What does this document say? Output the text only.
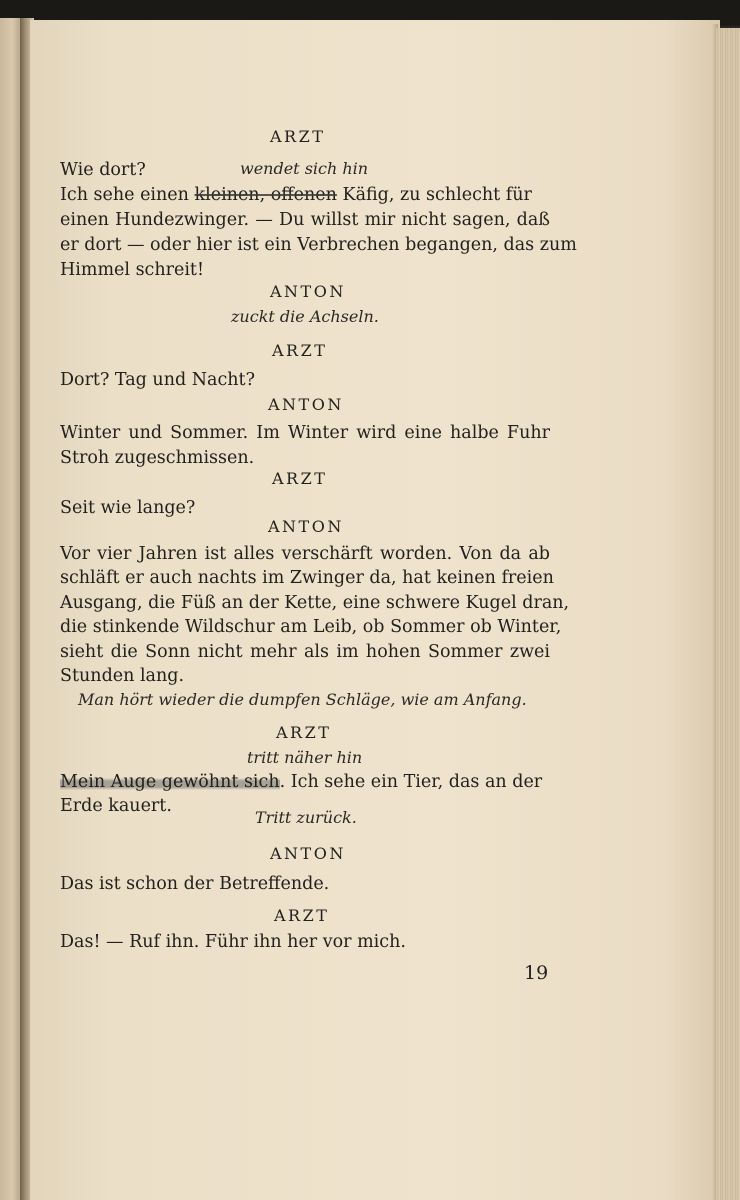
ARZT
Wie dort?	wendet sich hin
Ich sehe einen kleinen, offenen Käfig, zu schlecht für
einen Hundezwinger. — Du willst mir nicht sagen, daß
er dort — oder hier ist ein Verbrechen begangen, das zum
Himmel schreit!
ANTON
zuckt die Achseln.
ARZT
Dort? Tag und Nacht?
ANTON
Winter und Sommer. Im Winter wird eine halbe Fuhr
Stroh zugeschmissen.
ARZT
Seit wie lange?
ANTON
Vor vier Jahren ist alles verschärft worden. Von da ab
schläft er auch nachts im Zwinger da, hat keinen freien
Ausgang, die Füß an der Kette, eine schwere Kugel dran,
die stinkende Wildschur am Leib, ob Sommer ob Winter,
sieht die Sonn nicht mehr als im hohen Sommer zwei
Stunden lang.
Man hört wieder die dumpfen Schläge, wie am Anfang.
ARZT
tritt näher hin
Mein Auge gewöhnt sich. Ich sehe ein Tier, das an der
Erde kauert.
Tritt zurück.
ANTON
Das ist schon der Betreffende.
ARZT
Das! — Ruf ihn. Führ ihn her vor mich.
19
